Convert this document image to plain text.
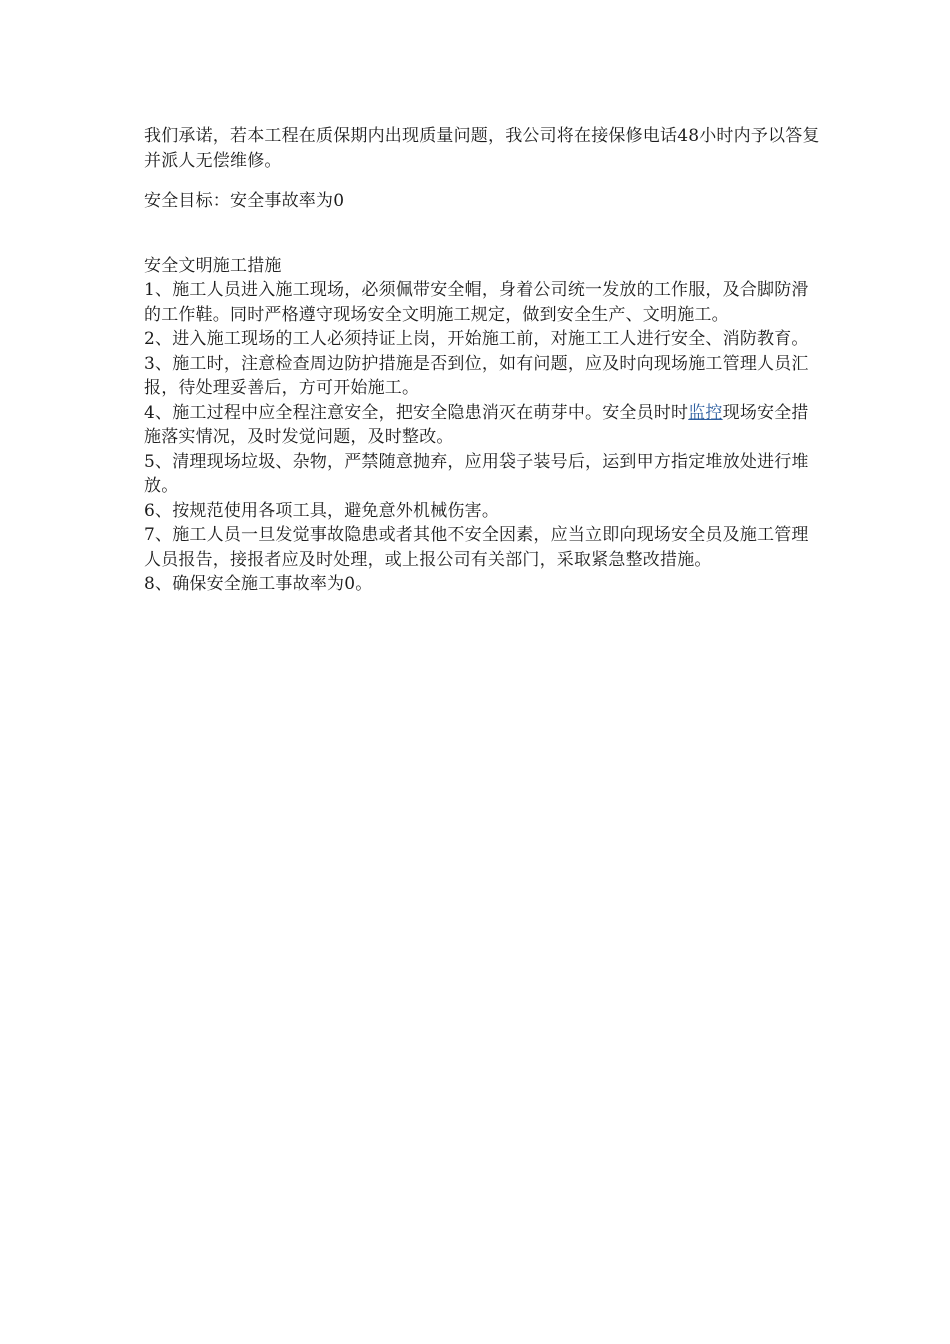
我们承诺，若本工程在质保期内出现质量问题，我公司将在接保修电话48小时内予以答复并派人无偿维修。

安全目标：安全事故率为0

安全文明施工措施

1、施工人员进入施工现场，必须佩带安全帽，身着公司统一发放的工作服，及合脚防滑的工作鞋。同时严格遵守现场安全文明施工规定，做到安全生产、文明施工。

2、进入施工现场的工人必须持证上岗，开始施工前，对施工工人进行安全、消防教育。

3、施工时，注意检查周边防护措施是否到位，如有问题，应及时向现场施工管理人员汇报，待处理妥善后，方可开始施工。

4、施工过程中应全程注意安全，把安全隐患消灭在萌芽中。安全员时时监控现场安全措施落实情况，及时发觉问题，及时整改。

5、清理现场垃圾、杂物，严禁随意抛弃，应用袋子装号后，运到甲方指定堆放处进行堆放。

6、按规范使用各项工具，避免意外机械伤害。

7、施工人员一旦发觉事故隐患或者其他不安全因素，应当立即向现场安全员及施工管理人员报告，接报者应及时处理，或上报公司有关部门，采取紧急整改措施。

8、确保安全施工事故率为0。
